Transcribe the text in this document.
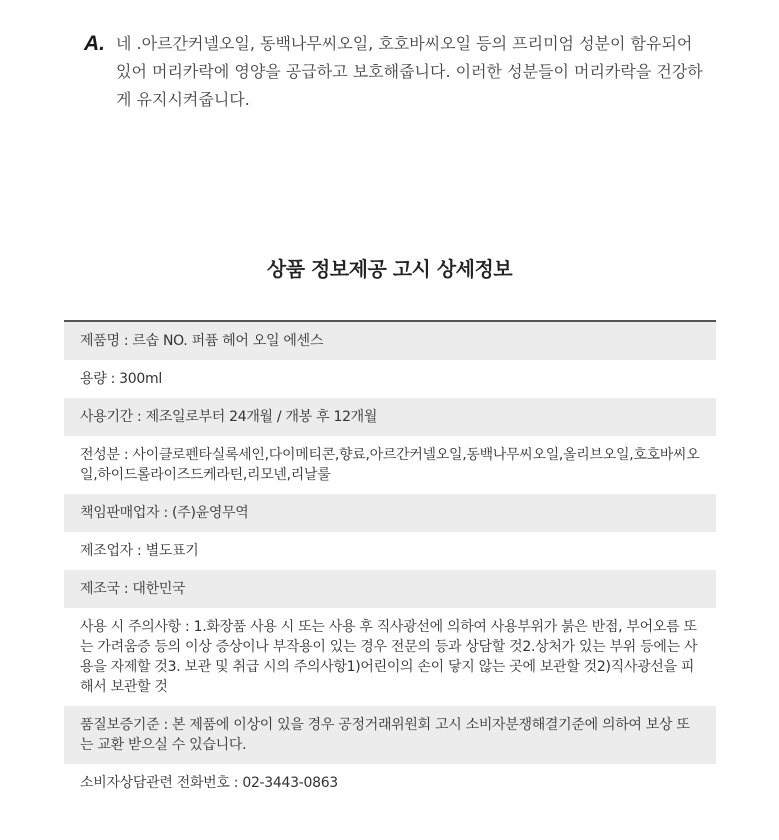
A. 네 .아르간커넬오일, 동백나무씨오일, 호호바씨오일 등의 프리미엄 성분이 함유되어 있어 머리카락에 영양을 공급하고 보호해줍니다. 이러한 성분들이 머리카락을 건강하게 유지시켜줍니다.
상품 정보제공 고시 상세정보
제품명 : 르솝 NO. 퍼퓸 헤어 오일 에센스
용량 : 300ml
사용기간 : 제조일로부터 24개월 / 개봉 후 12개월
전성분 : 사이클로펜타실록세인,다이메티콘,향료,아르간커넬오일,동백나무씨오일,올리브오일,호호바씨오일,하이드롤라이즈드케라틴,리모넨,리날룰
책임판매업자 : (주)윤영무역
제조업자 : 별도표기
제조국 : 대한민국
사용 시 주의사항 : 1.화장품 사용 시 또는 사용 후 직사광선에 의하여 사용부위가 붉은 반점, 부어오름 또는 가려움증 등의 이상 증상이나 부작용이 있는 경우 전문의 등과 상담할 것2.상처가 있는 부위 등에는 사용을 자제할 것3. 보관 및 취급 시의 주의사항1)어린이의 손이 닿지 않는 곳에 보관할 것2)직사광선을 피해서 보관할 것
품질보증기준 : 본 제품에 이상이 있을 경우 공정거래위원회 고시 소비자분쟁해결기준에 의하여 보상 또는 교환 받으실 수 있습니다.
소비자상담관련 전화번호 : 02-3443-0863
